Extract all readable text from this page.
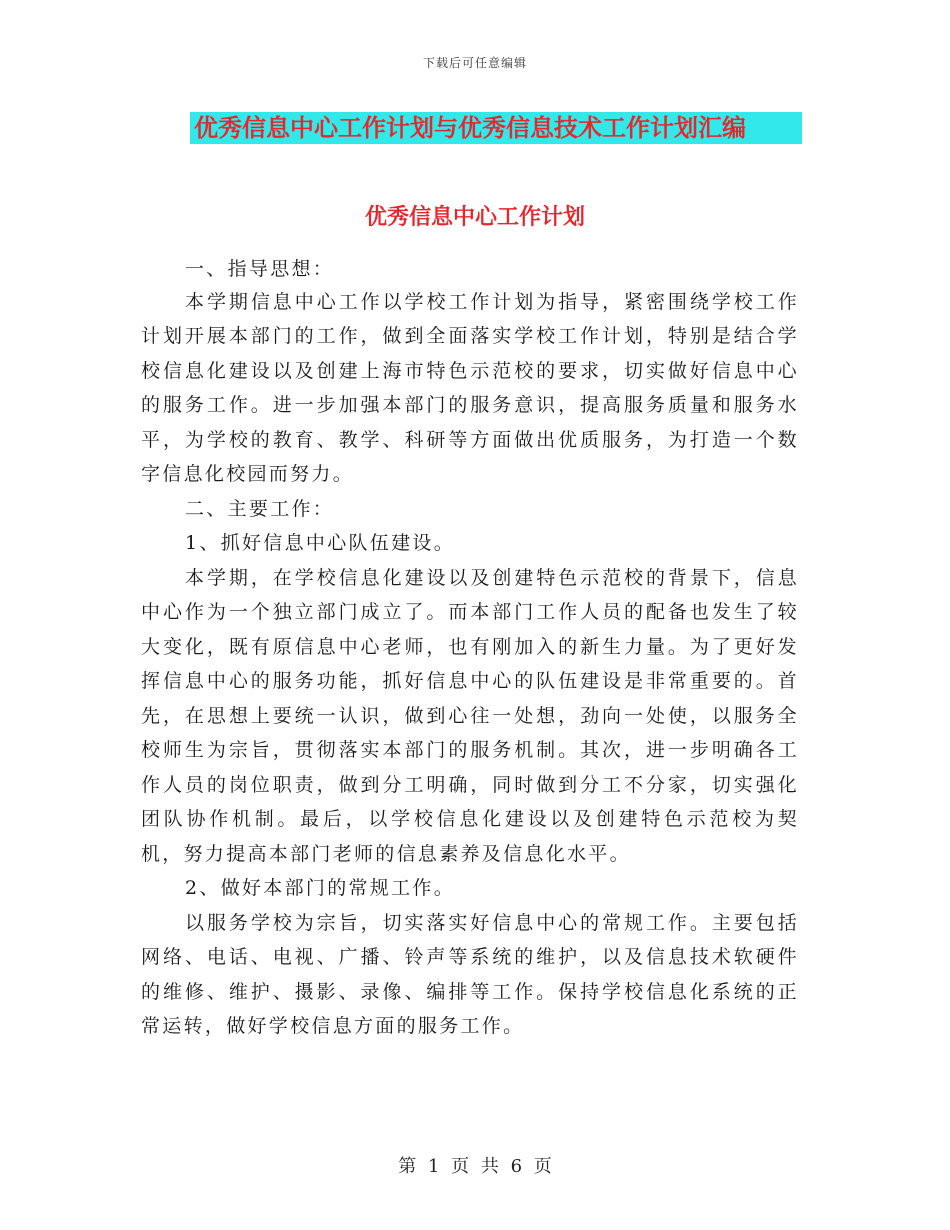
下载后可任意编辑
优秀信息中心工作计划与优秀信息技术工作计划汇编
优秀信息中心工作计划

一、指导思想：

本学期信息中心工作以学校工作计划为指导，紧密围绕学校工作计划开展本部门的工作，做到全面落实学校工作计划，特别是结合学校信息化建设以及创建上海市特色示范校的要求，切实做好信息中心的服务工作。进一步加强本部门的服务意识，提高服务质量和服务水平，为学校的教育、教学、科研等方面做出优质服务，为打造一个数字信息化校园而努力。

二、主要工作：

1、抓好信息中心队伍建设。

本学期，在学校信息化建设以及创建特色示范校的背景下，信息中心作为一个独立部门成立了。而本部门工作人员的配备也发生了较大变化，既有原信息中心老师，也有刚加入的新生力量。为了更好发挥信息中心的服务功能，抓好信息中心的队伍建设是非常重要的。首先，在思想上要统一认识，做到心往一处想，劲向一处使，以服务全校师生为宗旨，贯彻落实本部门的服务机制。其次，进一步明确各工作人员的岗位职责，做到分工明确，同时做到分工不分家，切实强化团队协作机制。最后，以学校信息化建设以及创建特色示范校为契机，努力提高本部门老师的信息素养及信息化水平。

2、做好本部门的常规工作。

以服务学校为宗旨，切实落实好信息中心的常规工作。主要包括网络、电话、电视、广播、铃声等系统的维护，以及信息技术软硬件的维修、维护、摄影、录像、编排等工作。保持学校信息化系统的正常运转，做好学校信息方面的服务工作。

第 1 页 共 6 页
